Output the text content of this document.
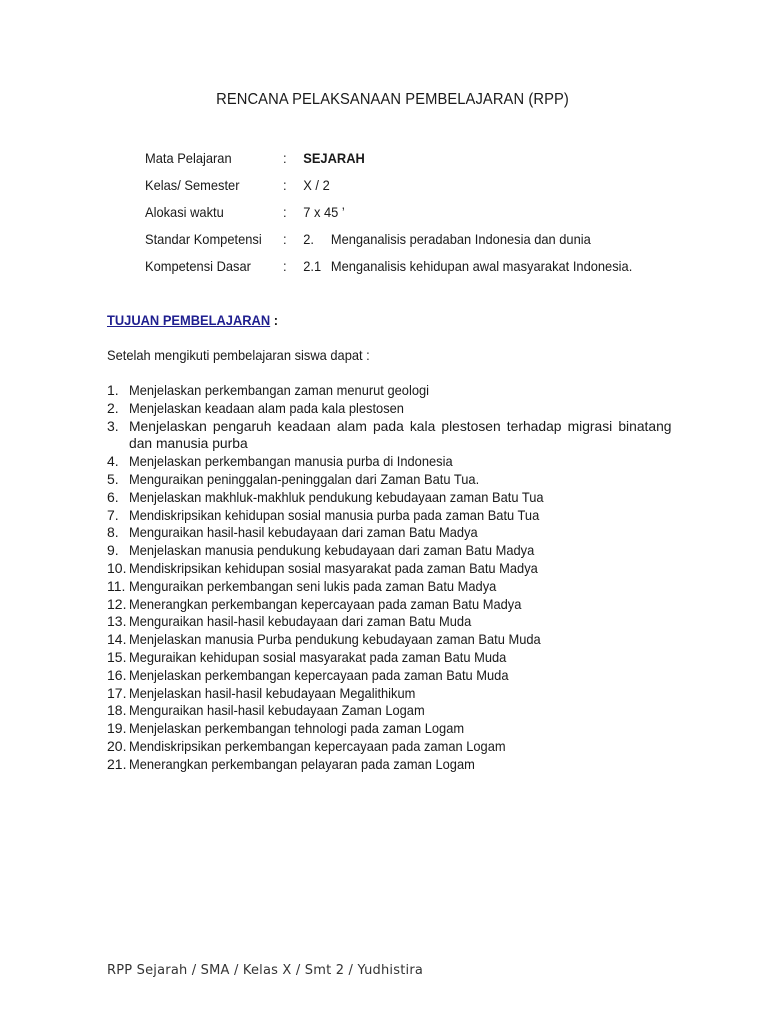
RENCANA PELAKSANAAN PEMBELAJARAN (RPP)
Mata Pelajaran	: SEJARAH
Kelas/ Semester	: X / 2
Alokasi waktu	: 7 x 45 ’
Standar Kompetensi : 2. Menganalisis peradaban Indonesia dan dunia
Kompetensi Dasar : 2.1 Menganalisis kehidupan awal masyarakat Indonesia.
TUJUAN PEMBELAJARAN :
Setelah mengikuti pembelajaran siswa dapat :
1. Menjelaskan perkembangan zaman menurut geologi
2. Menjelaskan keadaan alam pada kala plestosen
3. Menjelaskan pengaruh keadaan alam pada kala plestosen terhadap migrasi binatang dan manusia purba
4. Menjelaskan perkembangan manusia purba di Indonesia
5. Menguraikan peninggalan-peninggalan dari Zaman Batu Tua.
6. Menjelaskan makhluk-makhluk pendukung kebudayaan zaman Batu Tua
7. Mendiskripsikan kehidupan sosial manusia purba pada zaman Batu Tua
8. Menguraikan hasil-hasil kebudayaan dari zaman Batu Madya
9. Menjelaskan manusia pendukung kebudayaan dari zaman Batu Madya
10. Mendiskripsikan kehidupan sosial masyarakat pada zaman Batu Madya
11. Menguraikan perkembangan seni lukis pada zaman Batu Madya
12. Menerangkan perkembangan kepercayaan pada zaman Batu Madya
13. Menguraikan hasil-hasil kebudayaan dari zaman Batu Muda
14. Menjelaskan manusia Purba pendukung kebudayaan zaman Batu Muda
15. Meguraikan kehidupan sosial masyarakat pada zaman Batu Muda
16. Menjelaskan perkembangan kepercayaan pada zaman Batu Muda
17. Menjelaskan hasil-hasil kebudayaan Megalithikum
18. Menguraikan hasil-hasil kebudayaan Zaman Logam
19. Menjelaskan perkembangan tehnologi pada zaman Logam
20. Mendiskripsikan perkembangan kepercayaan pada zaman Logam
21. Menerangkan perkembangan pelayaran pada zaman Logam
RPP Sejarah / SMA / Kelas X / Smt 2 / Yudhistira
